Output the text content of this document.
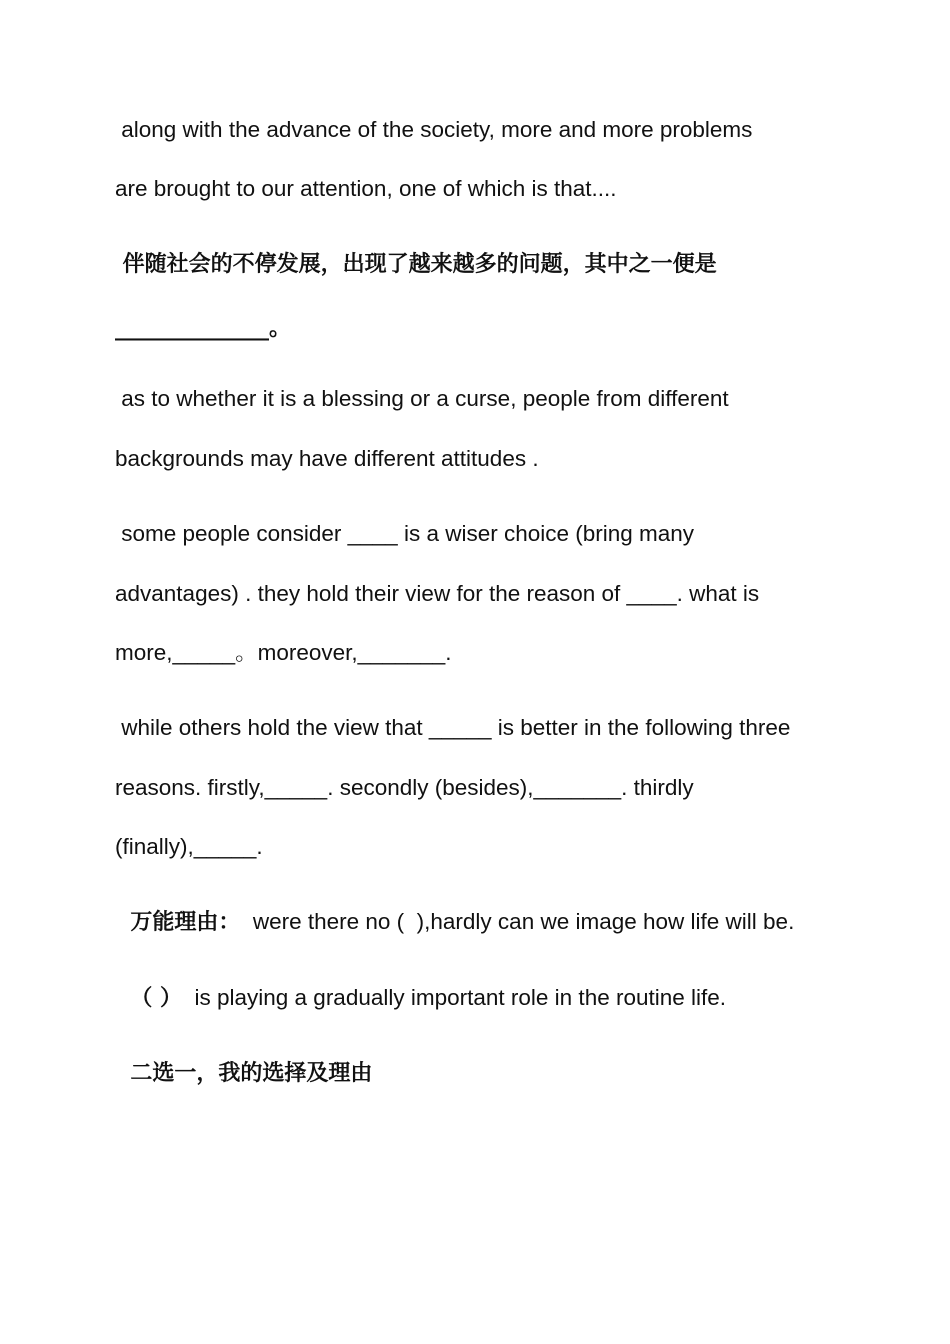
along with the advance of the society, more and more problems

are brought to our attention, one of which is that....

伴随社会的不停发展，出现了越来越多的问题，其中之一便是

______________。

as to whether it is a blessing or a curse, people from different

backgrounds may have different attitudes .

some people consider ____ is a wiser choice (bring many

advantages) . they hold their view for the reason of ____. what is

more,_____。moreover,_______.

while others hold the view that _____ is better in the following three

reasons. firstly,_____. secondly (besides),_______. thirdly

(finally),_____.

万能理由：  were there no (  ),hardly can we image how life will be.

（ ）  is playing a gradually important role in the routine life.

二选一，我的选择及理由
